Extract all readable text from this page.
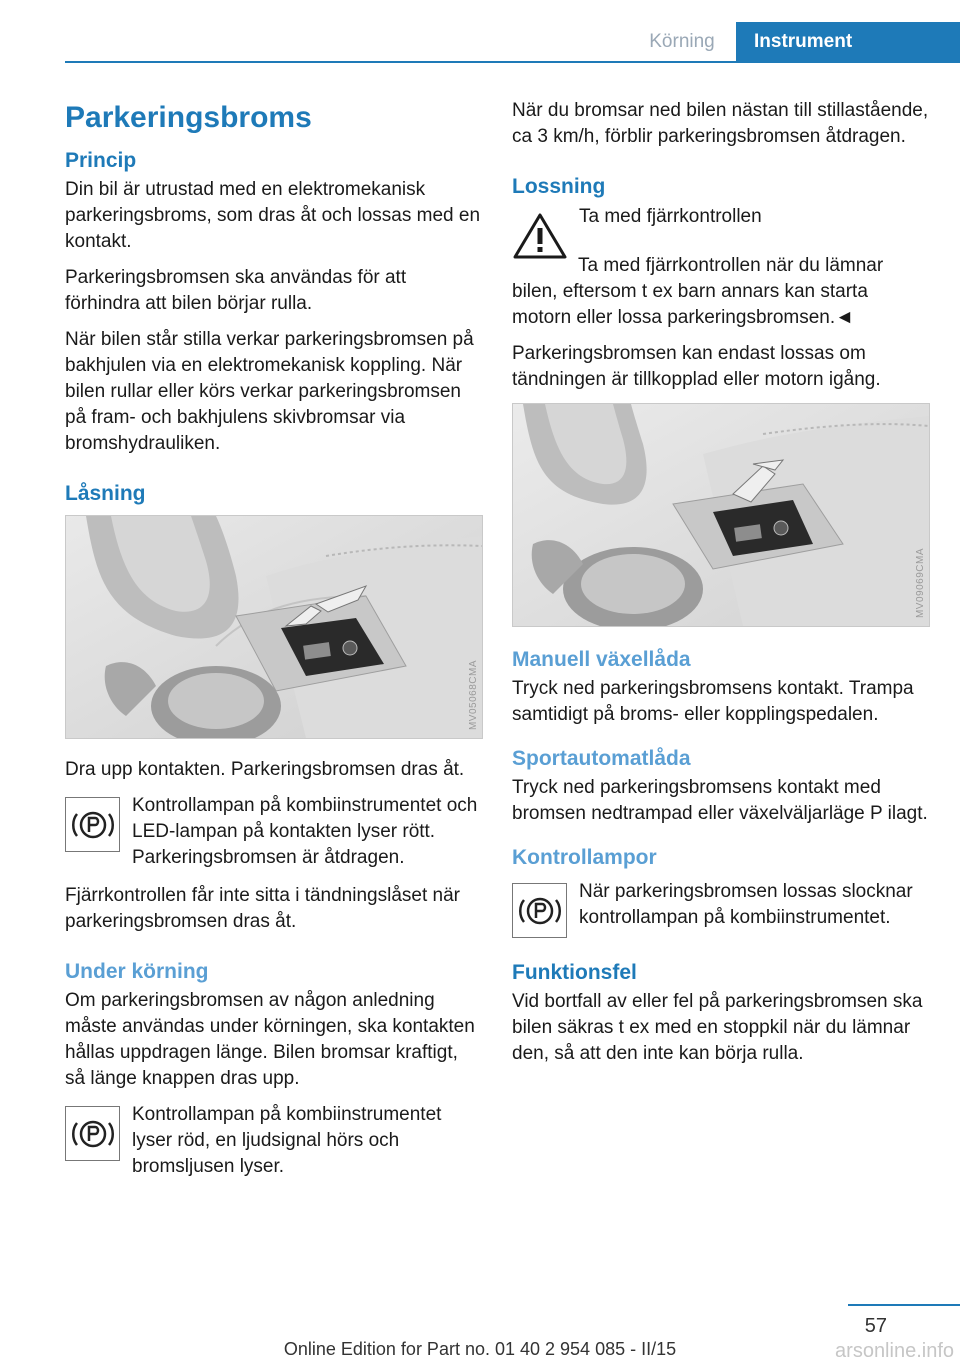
Körning	Instrument
Parkeringsbroms
Princip

Din bil är utrustad med en elektromekanisk parkeringsbroms, som dras åt och lossas med en kontakt.

Parkeringsbromsen ska användas för att förhindra att bilen börjar rulla.

När bilen står stilla verkar parkeringsbromsen på bakhjulen via en elektromekanisk koppling. När bilen rullar eller körs verkar parkeringsbromsen på fram- och bakhjulens skivbromsar via bromshydrauliken.

Låsning
MV05068CMA

Dra upp kontakten. Parkeringsbromsen dras åt.

Kontrollampan på kombiinstrumentet och LED-lampan på kontakten lyser rött. Parkeringsbromsen är åtdragen.

Fjärrkontrollen får inte sitta i tändningslåset när parkeringsbromsen dras åt.

Under körning

Om parkeringsbromsen av någon anledning måste användas under körningen, ska kontakten hållas uppdragen länge. Bilen bromsar kraftigt, så länge knappen dras upp.

Kontrollampan på kombiinstrumentet lyser röd, en ljudsignal hörs och bromsljusen lyser.

När du bromsar ned bilen nästan till stillastående, ca 3 km/h, förblir parkeringsbromsen åtdragen.

Lossning

Ta med fjärrkontrollen

Ta med fjärrkontrollen när du lämnar bilen, eftersom t ex barn annars kan starta motorn eller lossa parkeringsbromsen.◄

Parkeringsbromsen kan endast lossas om tändningen är tillkopplad eller motorn igång.

MV09069CMA
Manuell växellåda

Tryck ned parkeringsbromsens kontakt. Trampa samtidigt på broms- eller kopplingspedalen.

Sportautomatlåda

Tryck ned parkeringsbromsens kontakt med bromsen nedtrampad eller växelväljarläge P ilagt.

Kontrollampor

När parkeringsbromsen lossas slocknar kontrollampan på kombiinstrumentet.

Funktionsfel

Vid bortfall av eller fel på parkeringsbromsen ska bilen säkras t ex med en stoppkil när du lämnar den, så att den inte kan börja rulla.

57
Online Edition for Part no. 01 40 2 954 085 - II/15	arsonline.info
